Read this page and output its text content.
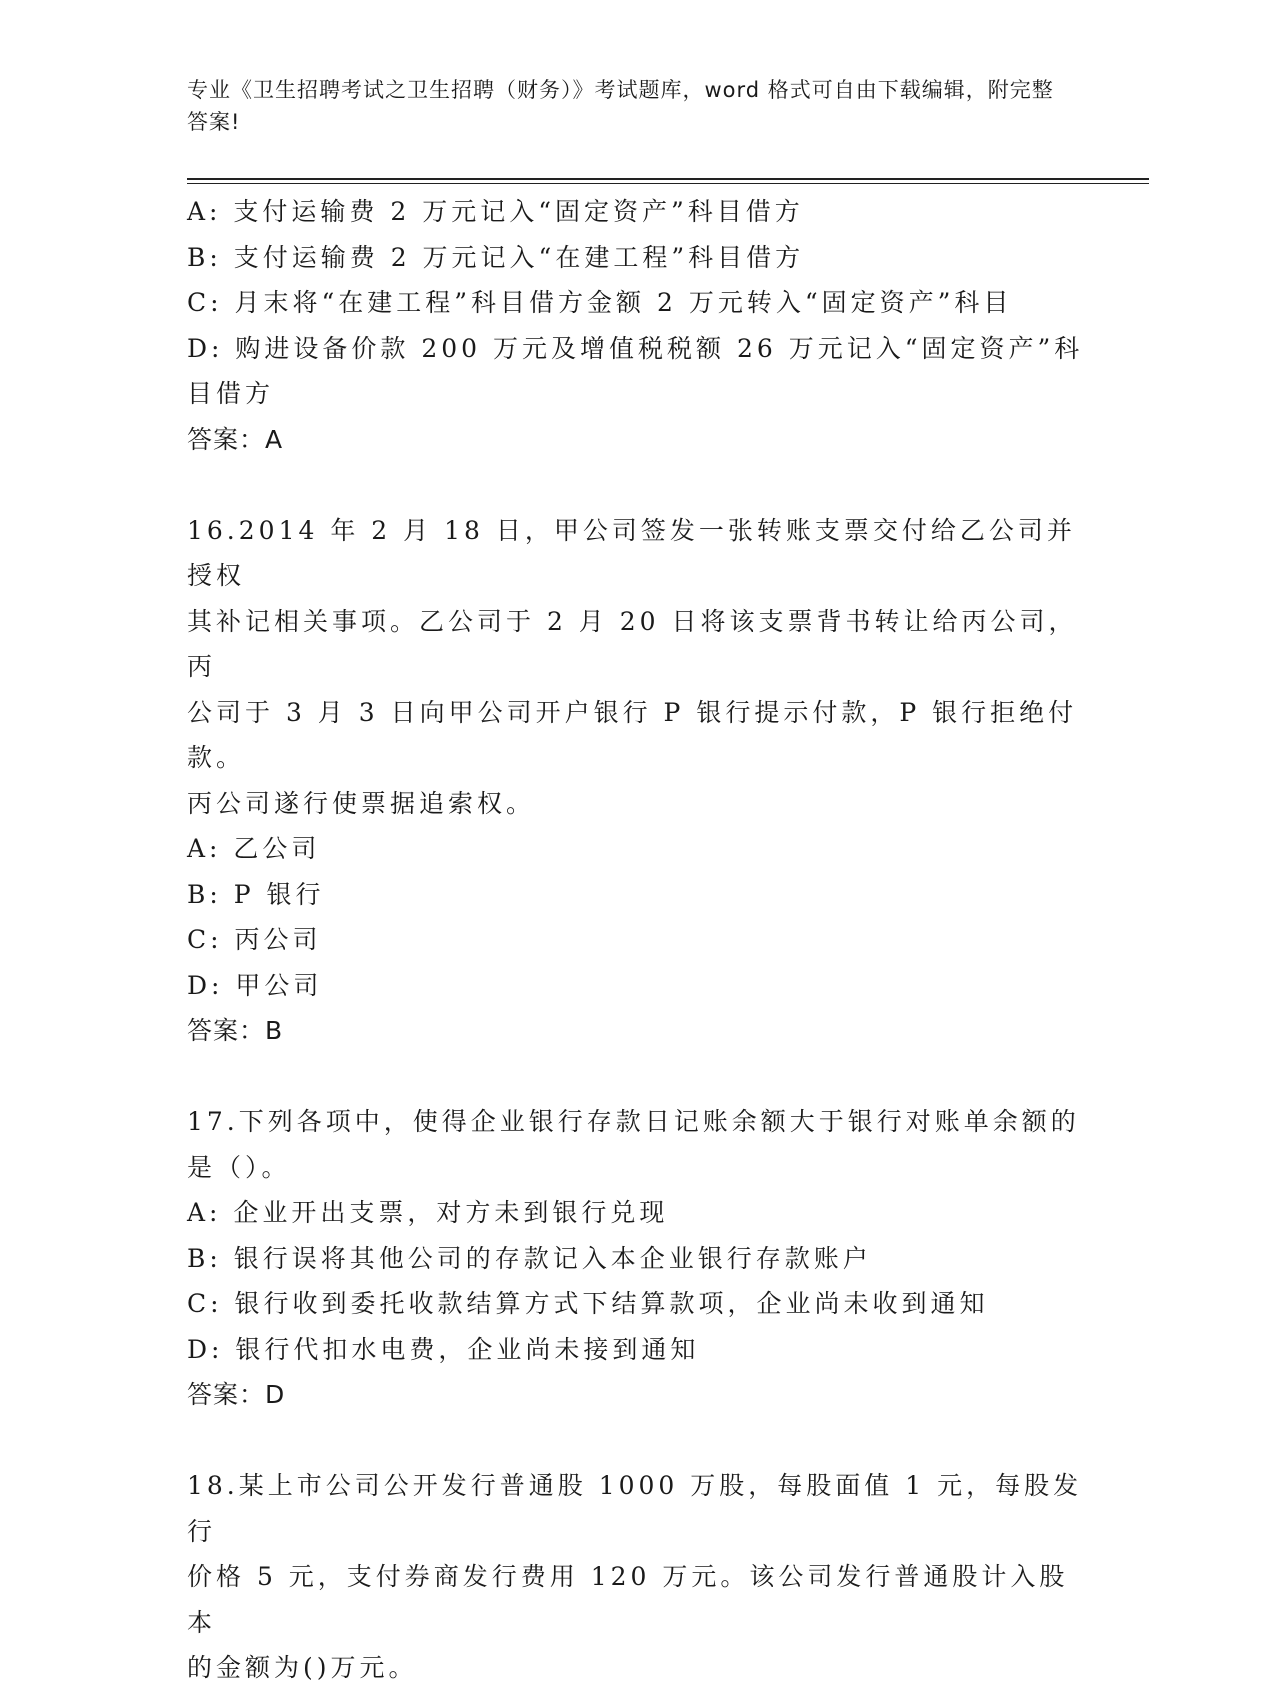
专业《卫生招聘考试之卫生招聘（财务）》考试题库，word 格式可自由下载编辑，附完整答案!

A: 支付运输费 2 万元记入“固定资产”科目借方

B: 支付运输费 2 万元记入“在建工程”科目借方

C: 月末将“在建工程”科目借方金额 2 万元转入“固定资产”科目

D: 购进设备价款 200 万元及增值税税额 26 万元记入“固定资产”科

目借方

答案：A

16.2014 年 2 月 18 日，甲公司签发一张转账支票交付给乙公司并授权

其补记相关事项。乙公司于 2 月 20 日将该支票背书转让给丙公司，丙

公司于 3 月 3 日向甲公司开户银行 P 银行提示付款，P 银行拒绝付款。

丙公司遂行使票据追索权。

A: 乙公司

B: P 银行

C: 丙公司

D: 甲公司

答案：B

17.下列各项中，使得企业银行存款日记账余额大于银行对账单余额的

是（）。

A: 企业开出支票，对方未到银行兑现

B: 银行误将其他公司的存款记入本企业银行存款账户

C: 银行收到委托收款结算方式下结算款项，企业尚未收到通知

D: 银行代扣水电费，企业尚未接到通知

答案：D

18.某上市公司公开发行普通股 1000 万股，每股面值 1 元，每股发行

价格 5 元，支付券商发行费用 120 万元。该公司发行普通股计入股本

的金额为()万元。
